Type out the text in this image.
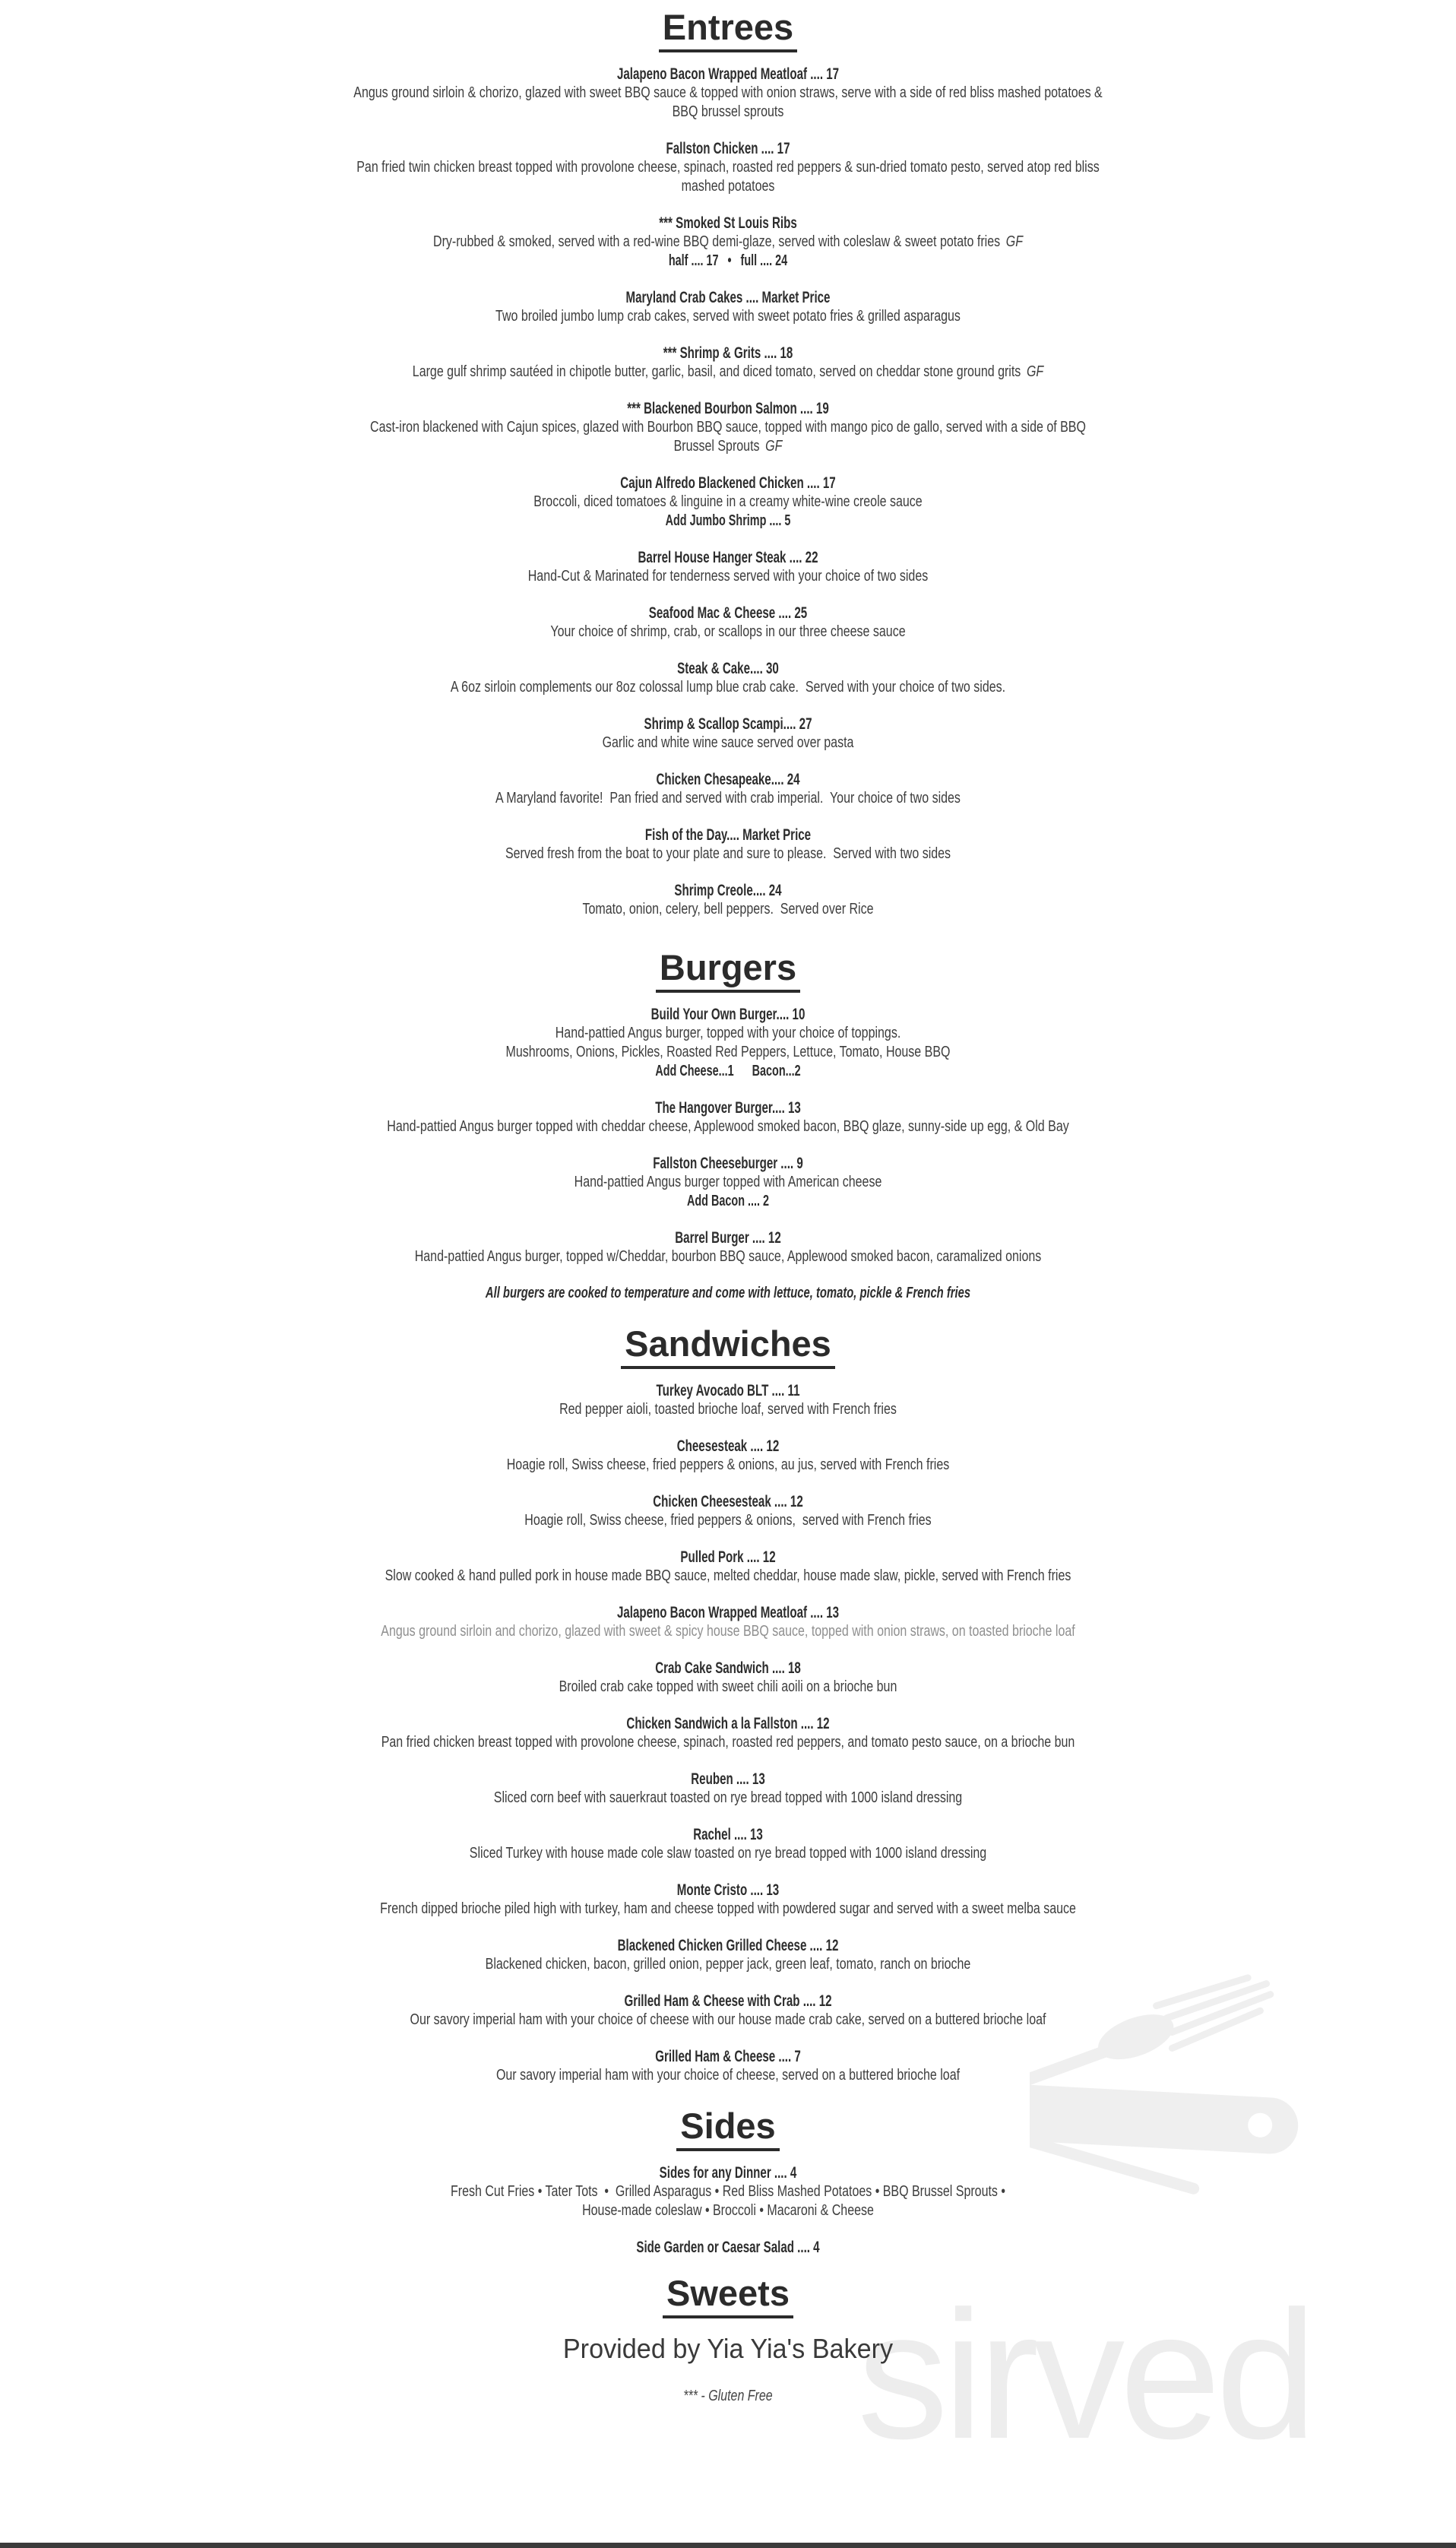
sirved
Entrees
Jalapeno Bacon Wrapped Meatloaf .... 17
Angus ground sirloin & chorizo, glazed with sweet BBQ sauce & topped with onion straws, serve with a side of red bliss mashed potatoes &
BBQ brussel sprouts
Fallston Chicken .... 17
Pan fried twin chicken breast topped with provolone cheese, spinach, roasted red peppers & sun-dried tomato pesto, served atop red bliss
mashed potatoes
*** Smoked St Louis Ribs
Dry-rubbed & smoked, served with a red-wine BBQ demi-glaze, served with coleslaw & sweet potato fries GF
half .... 17   •   full .... 24
Maryland Crab Cakes .... Market Price
Two broiled jumbo lump crab cakes, served with sweet potato fries & grilled asparagus
*** Shrimp & Grits .... 18
Large gulf shrimp sautéed in chipotle butter, garlic, basil, and diced tomato, served on cheddar stone ground grits GF
*** Blackened Bourbon Salmon .... 19
Cast-iron blackened with Cajun spices, glazed with Bourbon BBQ sauce, topped with mango pico de gallo, served with a side of BBQ
Brussel Sprouts GF
Cajun Alfredo Blackened Chicken .... 17
Broccoli, diced tomatoes & linguine in a creamy white-wine creole sauce
Add Jumbo Shrimp .... 5
Barrel House Hanger Steak .... 22
Hand-Cut & Marinated for tenderness served with your choice of two sides
Seafood Mac & Cheese .... 25
Your choice of shrimp, crab, or scallops in our three cheese sauce
Steak & Cake.... 30
A 6oz sirloin complements our 8oz colossal lump blue crab cake.  Served with your choice of two sides.
Shrimp & Scallop Scampi.... 27
Garlic and white wine sauce served over pasta
Chicken Chesapeake.... 24
A Maryland favorite!  Pan fried and served with crab imperial.  Your choice of two sides
Fish of the Day.... Market Price
Served fresh from the boat to your plate and sure to please.  Served with two sides
Shrimp Creole.... 24
Tomato, onion, celery, bell peppers.  Served over Rice
Burgers
Build Your Own Burger.... 10
Hand-pattied Angus burger, topped with your choice of toppings.
Mushrooms, Onions, Pickles, Roasted Red Peppers, Lettuce, Tomato, House BBQ
Add Cheese...1      Bacon...2
The Hangover Burger.... 13
Hand-pattied Angus burger topped with cheddar cheese, Applewood smoked bacon, BBQ glaze, sunny-side up egg, & Old Bay
Fallston Cheeseburger .... 9
Hand-pattied Angus burger topped with American cheese
Add Bacon .... 2
Barrel Burger .... 12
Hand-pattied Angus burger, topped w/Cheddar, bourbon BBQ sauce, Applewood smoked bacon, caramalized onions
All burgers are cooked to temperature and come with lettuce, tomato, pickle & French fries
Sandwiches
Turkey Avocado BLT .... 11
Red pepper aioli, toasted brioche loaf, served with French fries
Cheesesteak .... 12
Hoagie roll, Swiss cheese, fried peppers & onions, au jus, served with French fries
Chicken Cheesesteak .... 12
Hoagie roll, Swiss cheese, fried peppers & onions,  served with French fries
Pulled Pork .... 12
Slow cooked & hand pulled pork in house made BBQ sauce, melted cheddar, house made slaw, pickle, served with French fries
Jalapeno Bacon Wrapped Meatloaf .... 13
Angus ground sirloin and chorizo, glazed with sweet & spicy house BBQ sauce, topped with onion straws, on toasted brioche loaf
Crab Cake Sandwich .... 18
Broiled crab cake topped with sweet chili aoili on a brioche bun
Chicken Sandwich a la Fallston .... 12
Pan fried chicken breast topped with provolone cheese, spinach, roasted red peppers, and tomato pesto sauce, on a brioche bun
Reuben .... 13
Sliced corn beef with sauerkraut toasted on rye bread topped with 1000 island dressing
Rachel .... 13
Sliced Turkey with house made cole slaw toasted on rye bread topped with 1000 island dressing
Monte Cristo .... 13
French dipped brioche piled high with turkey, ham and cheese topped with powdered sugar and served with a sweet melba sauce
Blackened Chicken Grilled Cheese .... 12
Blackened chicken, bacon, grilled onion, pepper jack, green leaf, tomato, ranch on brioche
Grilled Ham & Cheese with Crab .... 12
Our savory imperial ham with your choice of cheese with our house made crab cake, served on a buttered brioche loaf
Grilled Ham & Cheese .... 7
Our savory imperial ham with your choice of cheese, served on a buttered brioche loaf
Sides
Sides for any Dinner .... 4
Fresh Cut Fries • Tater Tots  •  Grilled Asparagus • Red Bliss Mashed Potatoes • BBQ Brussel Sprouts •
House-made coleslaw • Broccoli • Macaroni & Cheese
Side Garden or Caesar Salad .... 4
Sweets
Provided by Yia Yia's Bakery
*** - Gluten Free
